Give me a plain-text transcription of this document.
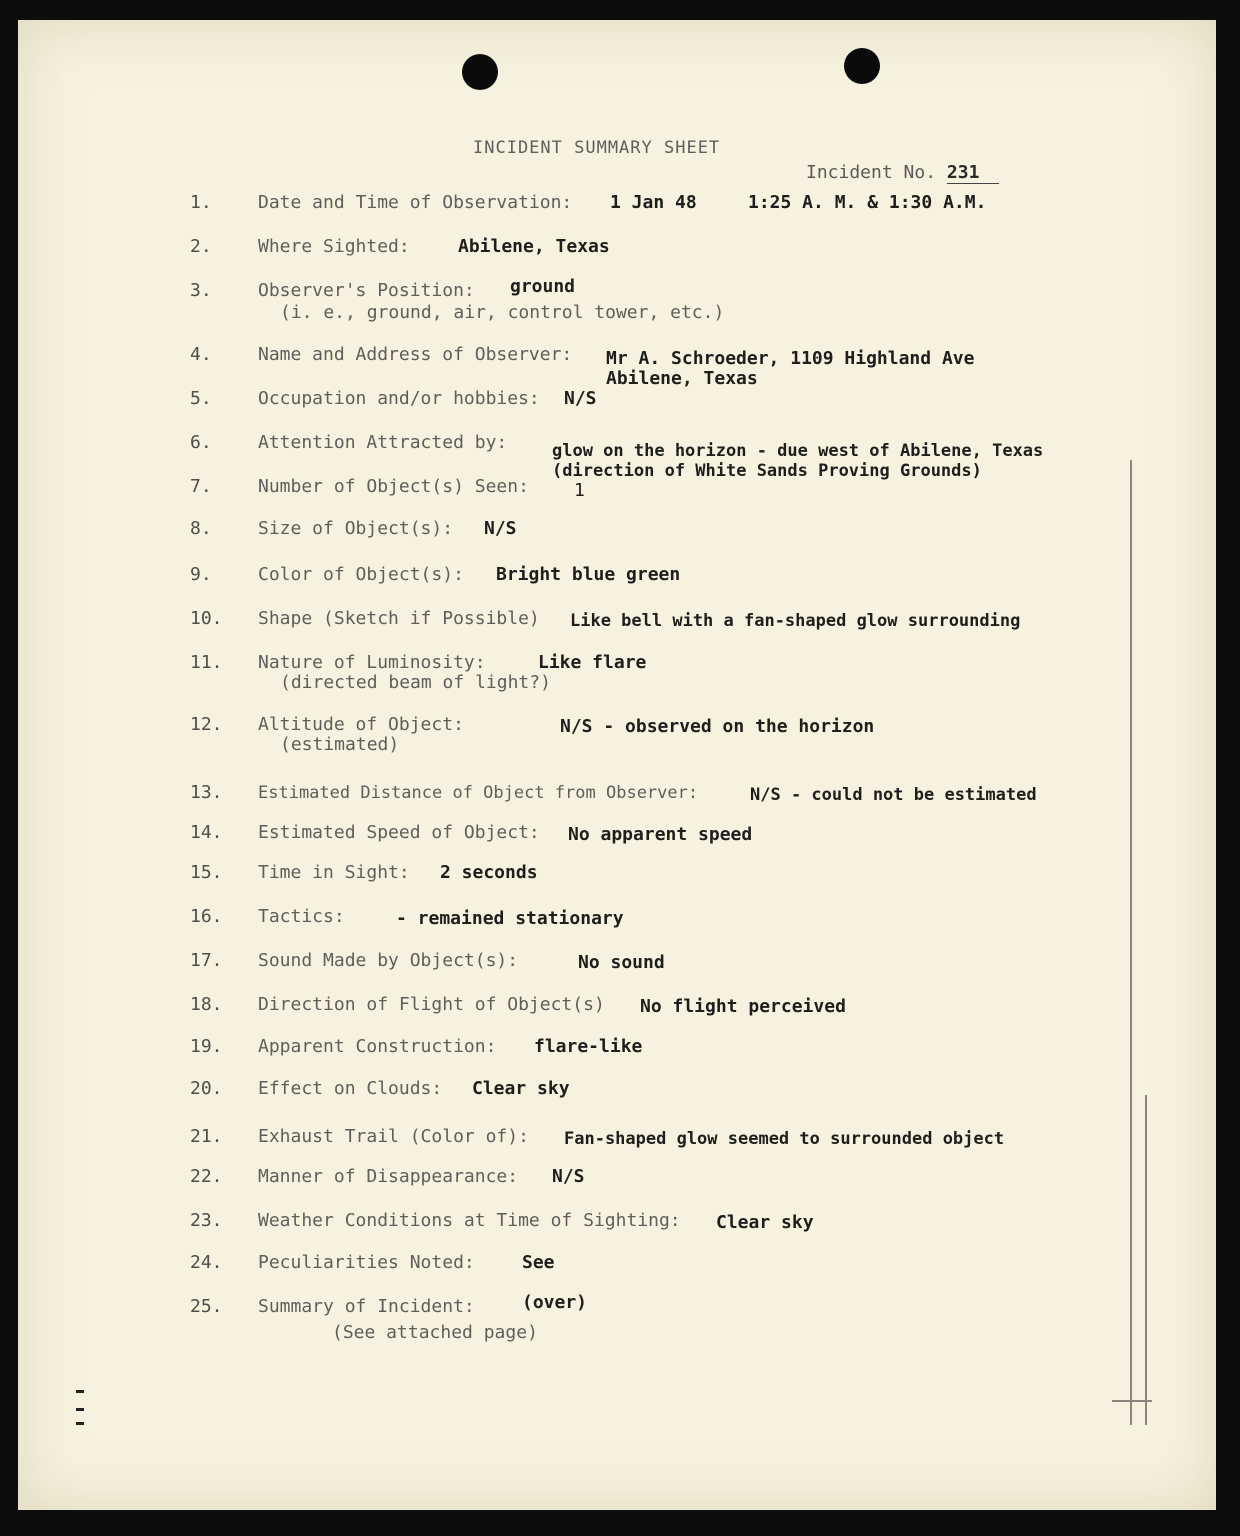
INCIDENT SUMMARY SHEET
Incident No. 231
1.	Date and Time of Observation: 1 Jan 48	1:25 A. M. & 1:30 A.M.
2.	Where Sighted:	Abilene, Texas
3.	Observer's Position: ground
(i. e., ground, air, control tower, etc.)
4.	Name and Address of Observer: Mr A. Schroeder, 1109 Highland Ave
Abilene, Texas
5.	Occupation and/or hobbies: N/S
6.	Attention Attracted by:	glow on the horizon - due west of Abilene, Texas
(direction of White Sands Proving Grounds)
7.	Number of Object(s) Seen:	1
8.	Size of Object(s): N/S
9.	Color of Object(s): Bright blue green
10. Shape (Sketch if Possible) Like bell with a fan-shaped glow surrounding
11. Nature of Luminosity:	Like flare
(directed beam of light?)
12. Altitude of Object:	N/S - observed on the horizon
(estimated)
13. Estimated Distance of Object from Observer:	N/S - could not be estimated
14. Estimated Speed of Object: No apparent speed
15. Time in Sight: 2 seconds
16. Tactics:	- remained stationary
17. Sound Made by Object(s):	No sound
18. Direction of Flight of Object(s) No flight perceived
19. Apparent Construction: flare-like
20. Effect on Clouds: Clear sky
21. Exhaust Trail (Color of): Fan-shaped glow seemed to surrounded object
22. Manner of Disappearance: N/S
23. Weather Conditions at Time of Sighting: Clear sky
24. Peculiarities Noted:	See
25. Summary of Incident:	(over)
(See attached page)
